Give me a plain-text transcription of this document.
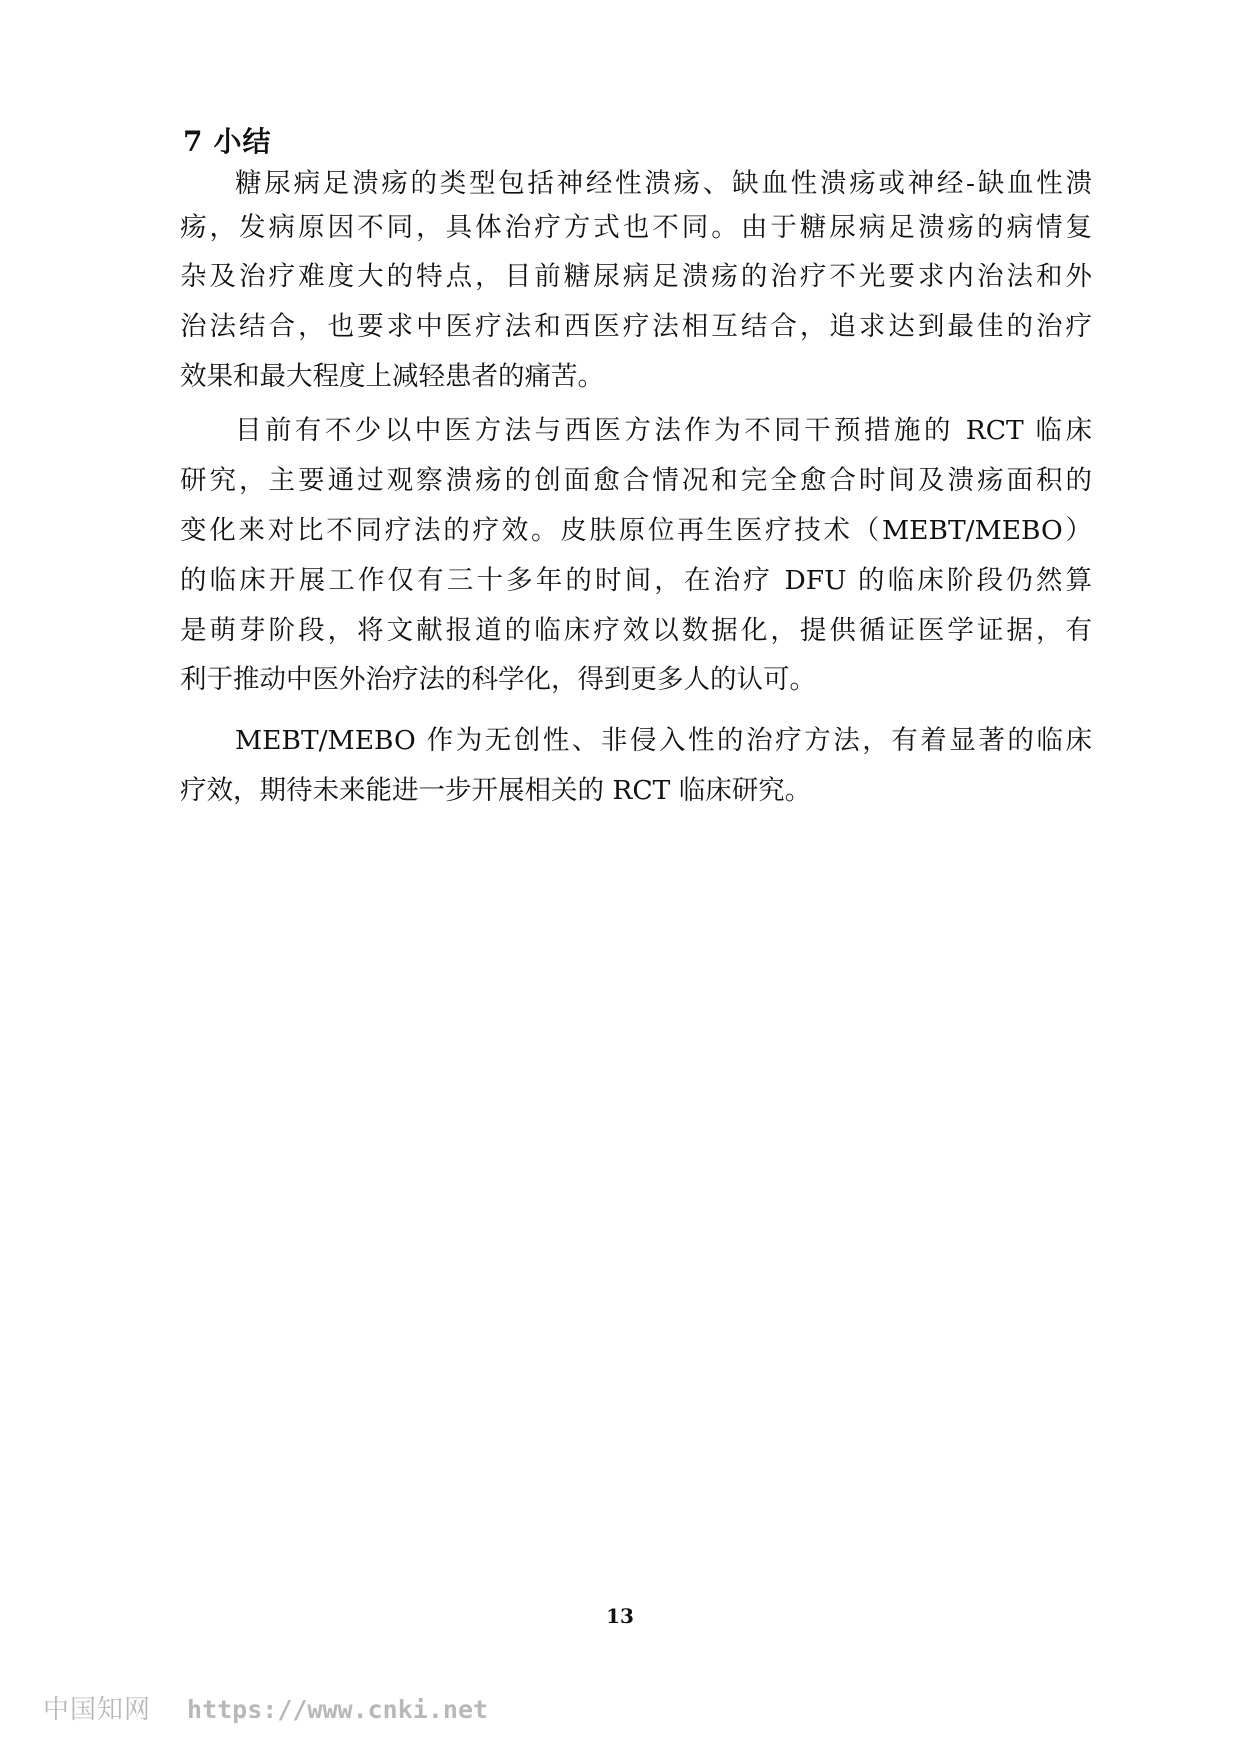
7 小结

糖尿病足溃疡的类型包括神经性溃疡、缺血性溃疡或神经-缺血性溃

疡，发病原因不同，具体治疗方式也不同。由于糖尿病足溃疡的病情复

杂及治疗难度大的特点，目前糖尿病足溃疡的治疗不光要求内治法和外

治法结合，也要求中医疗法和西医疗法相互结合，追求达到最佳的治疗

效果和最大程度上减轻患者的痛苦。

目前有不少以中医方法与西医方法作为不同干预措施的 RCT 临床

研究，主要通过观察溃疡的创面愈合情况和完全愈合时间及溃疡面积的

变化来对比不同疗法的疗效。皮肤原位再生医疗技术（MEBT/MEBO）

的临床开展工作仅有三十多年的时间，在治疗 DFU 的临床阶段仍然算

是萌芽阶段，将文献报道的临床疗效以数据化，提供循证医学证据，有

利于推动中医外治疗法的科学化，得到更多人的认可。

MEBT/MEBO 作为无创性、非侵入性的治疗方法，有着显著的临床

疗效，期待未来能进一步开展相关的 RCT 临床研究。

13

中国知网 https://www.cnki.net
